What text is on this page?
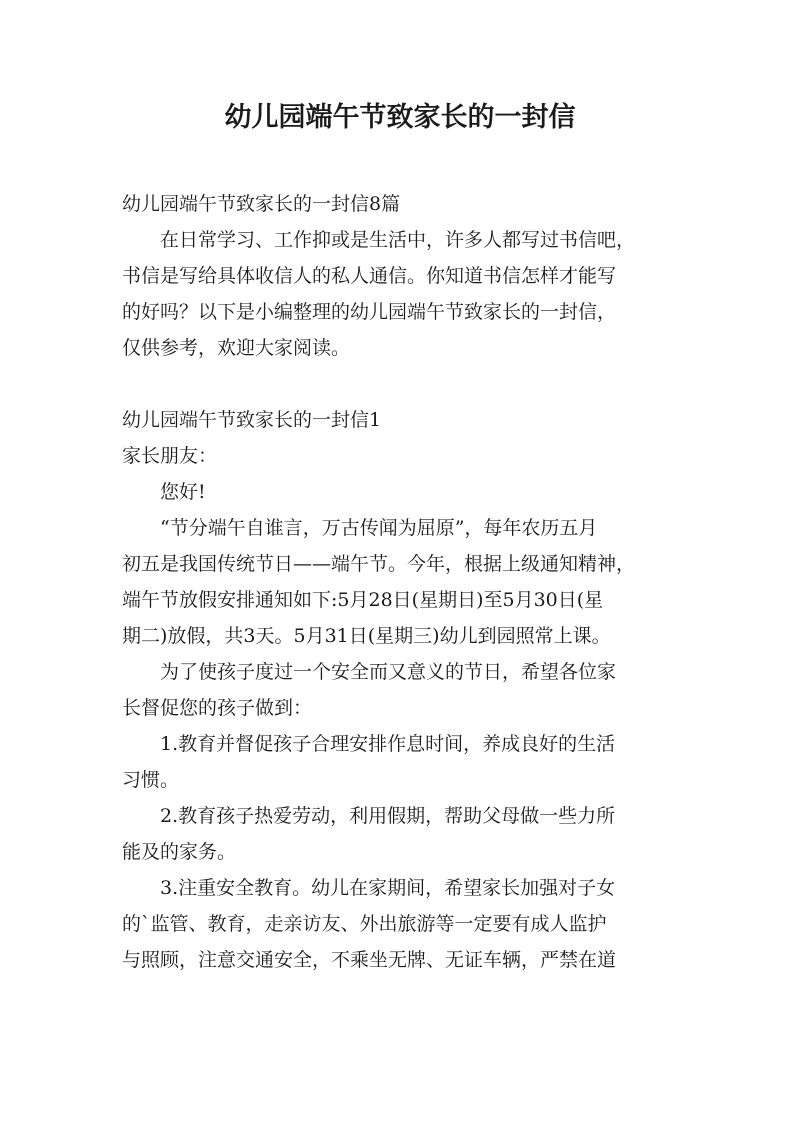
幼儿园端午节致家长的一封信
幼儿园端午节致家长的一封信8篇
在日常学习、工作抑或是生活中，许多人都写过书信吧，
书信是写给具体收信人的私人通信。你知道书信怎样才能写
的好吗？以下是小编整理的幼儿园端午节致家长的一封信，
仅供参考，欢迎大家阅读。
幼儿园端午节致家长的一封信1
家长朋友：
您好!
“节分端午自谁言，万古传闻为屈原”，每年农历五月
初五是我国传统节日——端午节。今年，根据上级通知精神，
端午节放假安排通知如下:5月28日(星期日)至5月30日(星
期二)放假，共3天。5月31日(星期三)幼儿到园照常上课。
为了使孩子度过一个安全而又意义的节日，希望各位家
长督促您的孩子做到：
1.教育并督促孩子合理安排作息时间，养成良好的生活
习惯。
2.教育孩子热爱劳动，利用假期，帮助父母做一些力所
能及的家务。
3.注重安全教育。幼儿在家期间，希望家长加强对子女
的`监管、教育，走亲访友、外出旅游等一定要有成人监护
与照顾，注意交通安全，不乘坐无牌、无证车辆，严禁在道
